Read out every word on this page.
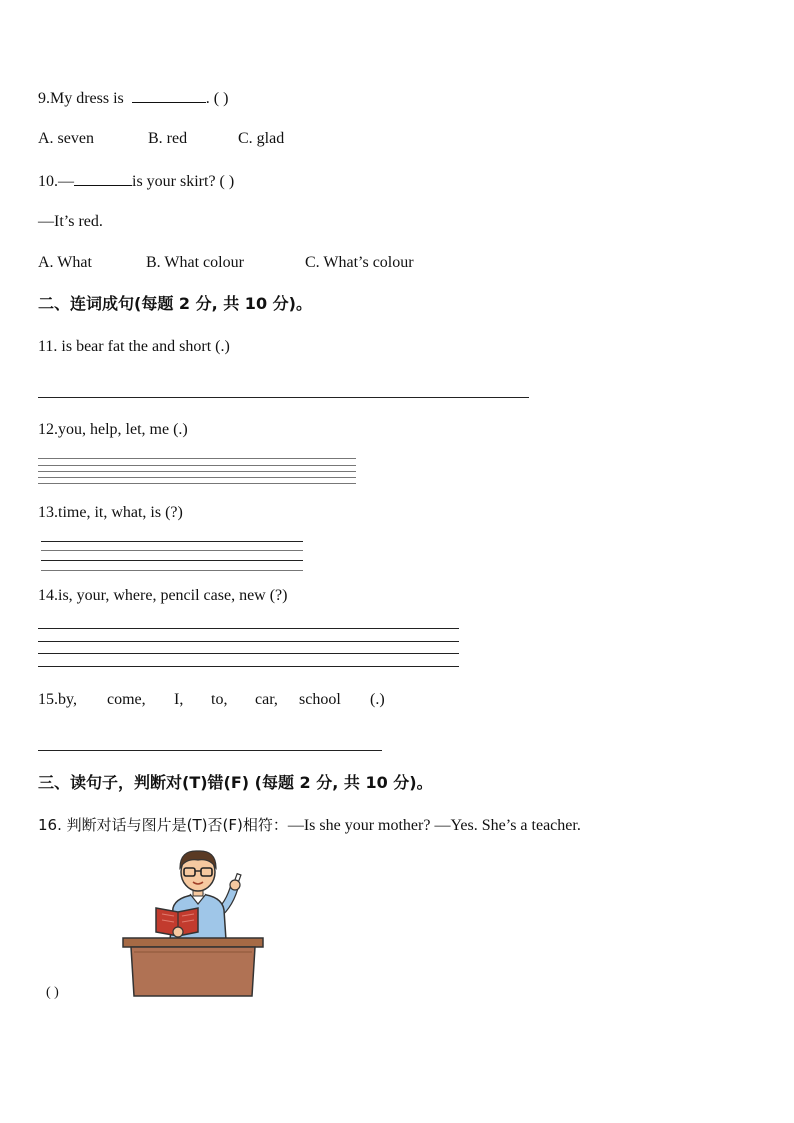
9.My dress is	. ( )
A. seven	B. red	C. glad
10.—	is your skirt? ( )
—It’s red.
A. What	B. What colour	C. What’s colour
二、连词成句(每题 2 分, 共 10 分)。
11. is bear fat the and short (.)
12.you, help, let, me (.)
13.time, it, what, is (?)
14.is, your, where, pencil case, new (?)
15.by, come, I, to, car, school (.)
三、读句子，判断对(T)错(F) (每题 2 分, 共 10 分)。
16. 判断对话与图片是(T)否(F)相符：—Is she your mother? —Yes. She’s a teacher.
( )
